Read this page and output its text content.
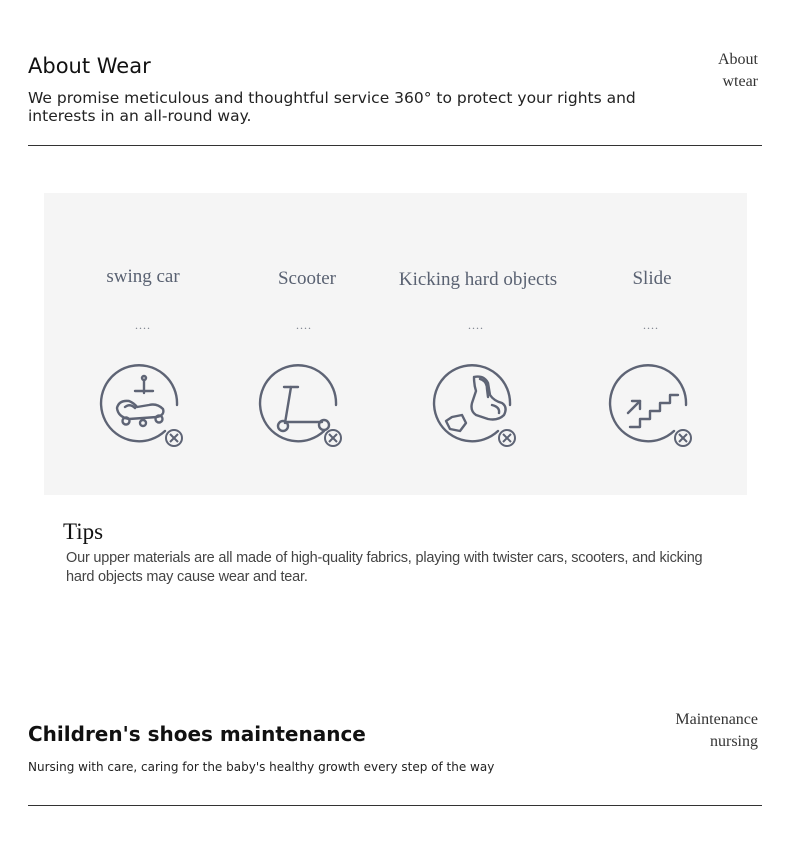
About Wear
We promise meticulous and thoughtful service 360° to protect your rights and interests in an all-round way.
About
wtear
swing car
....
Scooter
....
Kicking hard objects
....
Slide
....
Tips
Our upper materials are all made of high-quality fabrics, playing with twister cars, scooters, and kicking hard objects may cause wear and tear.
Maintenance
nursing
Children's shoes maintenance
Nursing with care, caring for the baby's healthy growth every step of the way
